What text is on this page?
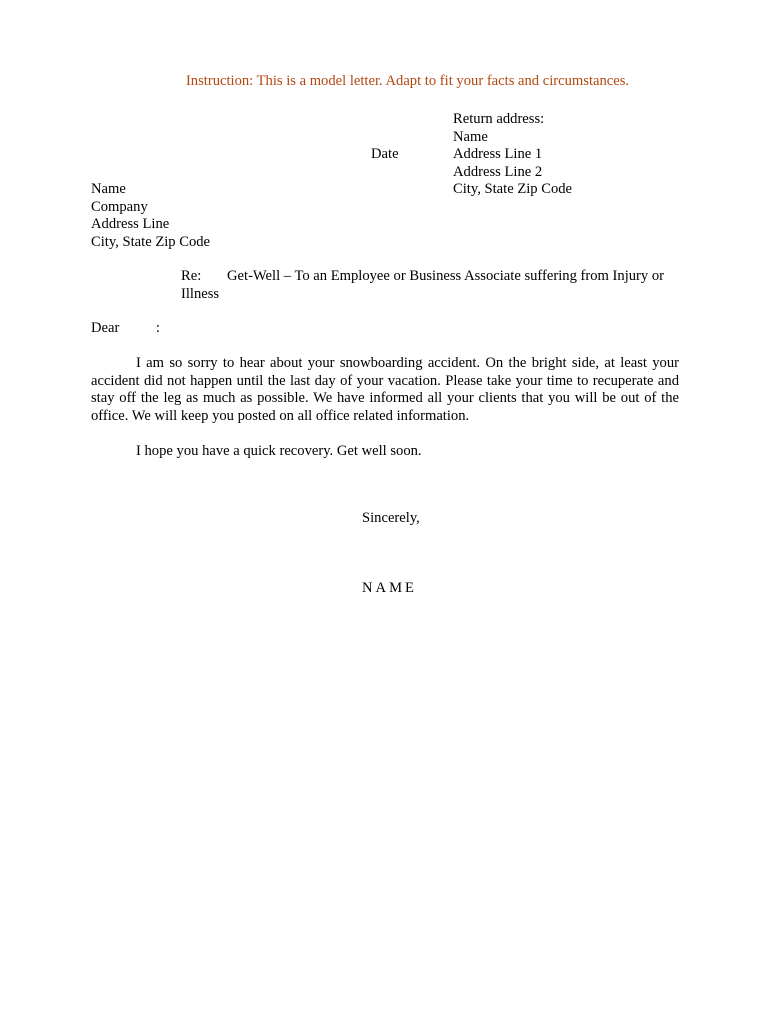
Instruction: This is a model letter. Adapt to fit your facts and circumstances.
Return address:
Name
Address Line 1
Address Line 2
City, State Zip Code
Date
Name
Company
Address Line
City, State Zip Code
Re: Get-Well – To an Employee or Business Associate suffering from Injury or
Illness
Dear          :

I am so sorry to hear about your snowboarding accident. On the bright side, at least your accident did not happen until the last day of your vacation. Please take your time to recuperate and stay off the leg as much as possible. We have informed all your clients that you will be out of the office. We will keep you posted on all office related information.

I hope you have a quick recovery. Get well soon.

Sincerely,
NAME
